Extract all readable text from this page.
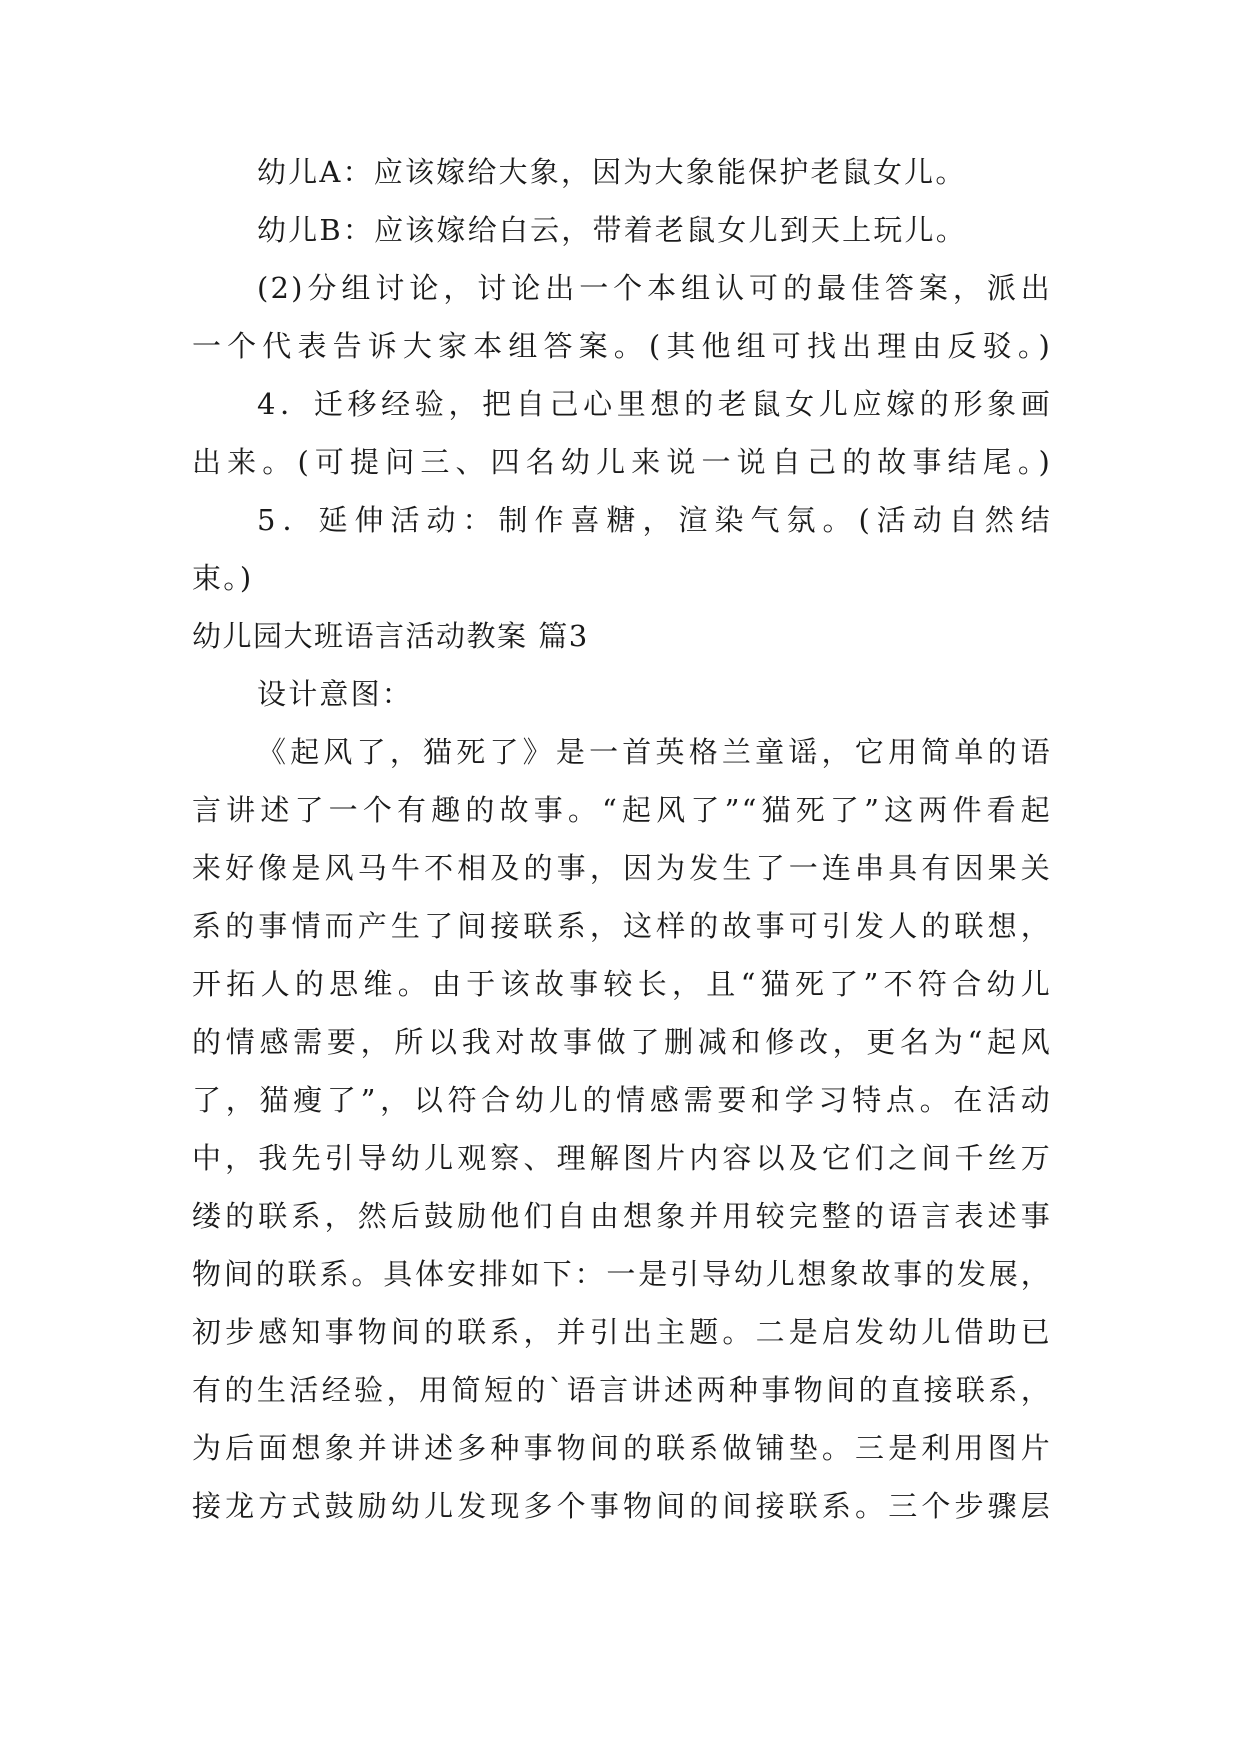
幼儿A：应该嫁给大象，因为大象能保护老鼠女儿。
幼儿B：应该嫁给白云，带着老鼠女儿到天上玩儿。
(2)分组讨论，讨论出一个本组认可的最佳答案，派出
一个代表告诉大家本组答案。(其他组可找出理由反驳。)
4．迁移经验，把自己心里想的老鼠女儿应嫁的形象画
出来。(可提问三、四名幼儿来说一说自己的故事结尾。)
5．延伸活动：制作喜糖，渲染气氛。(活动自然结
束。)
幼儿园大班语言活动教案 篇3
设计意图：
《起风了，猫死了》是一首英格兰童谣，它用简单的语
言讲述了一个有趣的故事。“起风了”“猫死了”这两件看起
来好像是风马牛不相及的事，因为发生了一连串具有因果关
系的事情而产生了间接联系，这样的故事可引发人的联想，
开拓人的思维。由于该故事较长，且“猫死了”不符合幼儿
的情感需要，所以我对故事做了删减和修改，更名为“起风
了，猫瘦了”，以符合幼儿的情感需要和学习特点。在活动
中，我先引导幼儿观察、理解图片内容以及它们之间千丝万
缕的联系，然后鼓励他们自由想象并用较完整的语言表述事
物间的联系。具体安排如下：一是引导幼儿想象故事的发展，
初步感知事物间的联系，并引出主题。二是启发幼儿借助已
有的生活经验，用简短的`语言讲述两种事物间的直接联系，
为后面想象并讲述多种事物间的联系做铺垫。三是利用图片
接龙方式鼓励幼儿发现多个事物间的间接联系。三个步骤层
